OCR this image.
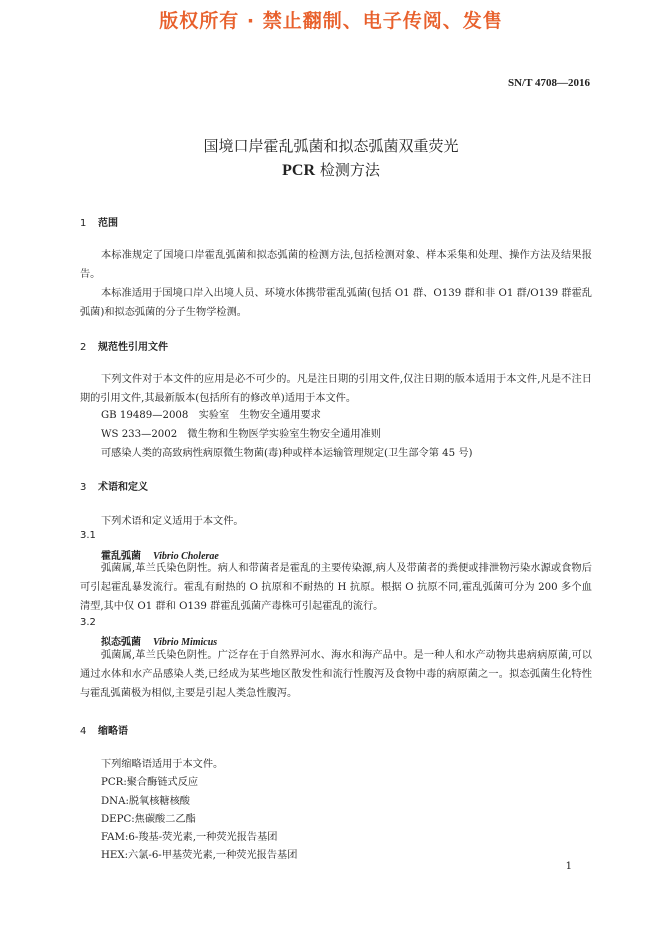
版权所有 · 禁止翻制、电子传阅、发售
SN/T 4708—2016
国境口岸霍乱弧菌和拟态弧菌双重荧光
PCR 检测方法
1 范围
本标准规定了国境口岸霍乱弧菌和拟态弧菌的检测方法,包括检测对象、样本采集和处理、操作方法及结果报告。
本标准适用于国境口岸入出境人员、环境水体携带霍乱弧菌(包括 O1 群、O139 群和非 O1 群/O139 群霍乱弧菌)和拟态弧菌的分子生物学检测。
2 规范性引用文件
下列文件对于本文件的应用是必不可少的。凡是注日期的引用文件,仅注日期的版本适用于本文件,凡是不注日期的引用文件,其最新版本(包括所有的修改单)适用于本文件。
GB 19489—2008　实验室　生物安全通用要求
WS 233—2002　微生物和生物医学实验室生物安全通用准则
可感染人类的高致病性病原微生物菌(毒)种或样本运输管理规定(卫生部令第 45 号)
3 术语和定义
下列术语和定义适用于本文件。
3.1
霍乱弧菌 Vibrio Cholerae
弧菌属,革兰氏染色阴性。病人和带菌者是霍乱的主要传染源,病人及带菌者的粪便或排泄物污染水源或食物后可引起霍乱暴发流行。霍乱有耐热的 O 抗原和不耐热的 H 抗原。根据 O 抗原不同,霍乱弧菌可分为 200 多个血清型,其中仅 O1 群和 O139 群霍乱弧菌产毒株可引起霍乱的流行。
3.2
拟态弧菌 Vibrio Mimicus
弧菌属,革兰氏染色阴性。广泛存在于自然界河水、海水和海产品中。是一种人和水产动物共患病病原菌,可以通过水体和水产品感染人类,已经成为某些地区散发性和流行性腹泻及食物中毒的病原菌之一。拟态弧菌生化特性与霍乱弧菌极为相似,主要是引起人类急性腹泻。
4 缩略语
下列缩略语适用于本文件。
PCR:聚合酶链式反应
DNA:脱氧核糖核酸
DEPC:焦碳酸二乙酯
FAM:6-羧基-荧光素,一种荧光报告基团
HEX:六氯-6-甲基荧光素,一种荧光报告基团
1
